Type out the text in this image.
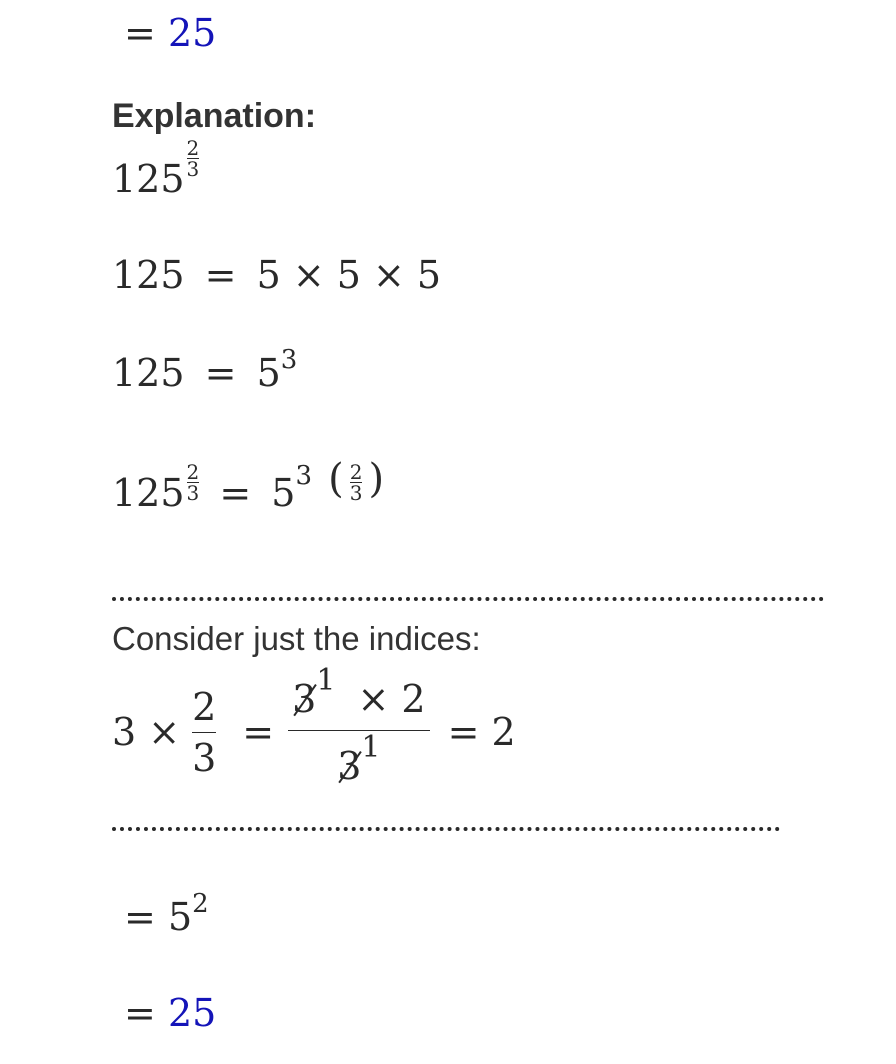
= 25
Explanation:
$125 \frac{2}{3}$
125 = 5 × 5 × 5
$125 = 5^3$
$125 \frac{2}{3} = 5^3$ ( $\frac{2}{3}$ )
Consider just the indices:
$3 \times \frac{2}{3} = \frac{3^1 \times 2}{3^1} = 2$
= $5^2$
= 25
